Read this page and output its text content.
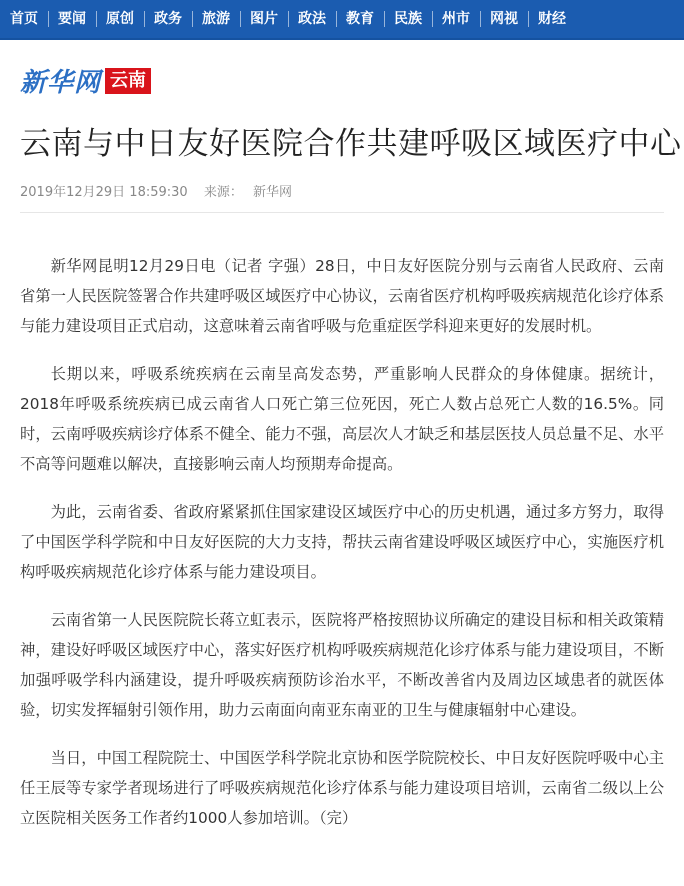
首页	要闻	原创	政务	旅游	图片	政法	教育	民族	州市	网视	财经
新华网 云南
云南与中日友好医院合作共建呼吸区域医疗中心
2019年12月29日 18:59:30 来源： 新华网

新华网昆明12月29日电（记者 字强）28日，中日友好医院分别与云南省人民政府、云南省第一人民医院签署合作共建呼吸区域医疗中心协议，云南省医疗机构呼吸疾病规范化诊疗体系与能力建设项目正式启动，这意味着云南省呼吸与危重症医学科迎来更好的发展时机。

长期以来，呼吸系统疾病在云南呈高发态势，严重影响人民群众的身体健康。据统计，2018年呼吸系统疾病已成云南省人口死亡第三位死因，死亡人数占总死亡人数的16.5%。同时，云南呼吸疾病诊疗体系不健全、能力不强，高层次人才缺乏和基层医技人员总量不足、水平不高等问题难以解决，直接影响云南人均预期寿命提高。

为此，云南省委、省政府紧紧抓住国家建设区域医疗中心的历史机遇，通过多方努力，取得了中国医学科学院和中日友好医院的大力支持，帮扶云南省建设呼吸区域医疗中心，实施医疗机构呼吸疾病规范化诊疗体系与能力建设项目。

云南省第一人民医院院长蒋立虹表示，医院将严格按照协议所确定的建设目标和相关政策精神，建设好呼吸区域医疗中心，落实好医疗机构呼吸疾病规范化诊疗体系与能力建设项目，不断加强呼吸学科内涵建设，提升呼吸疾病预防诊治水平，不断改善省内及周边区域患者的就医体验，切实发挥辐射引领作用，助力云南面向南亚东南亚的卫生与健康辐射中心建设。

当日，中国工程院院士、中国医学科学院北京协和医学院院校长、中日友好医院呼吸中心主任王辰等专家学者现场进行了呼吸疾病规范化诊疗体系与能力建设项目培训，云南省二级以上公立医院相关医务工作者约1000人参加培训。（完）
